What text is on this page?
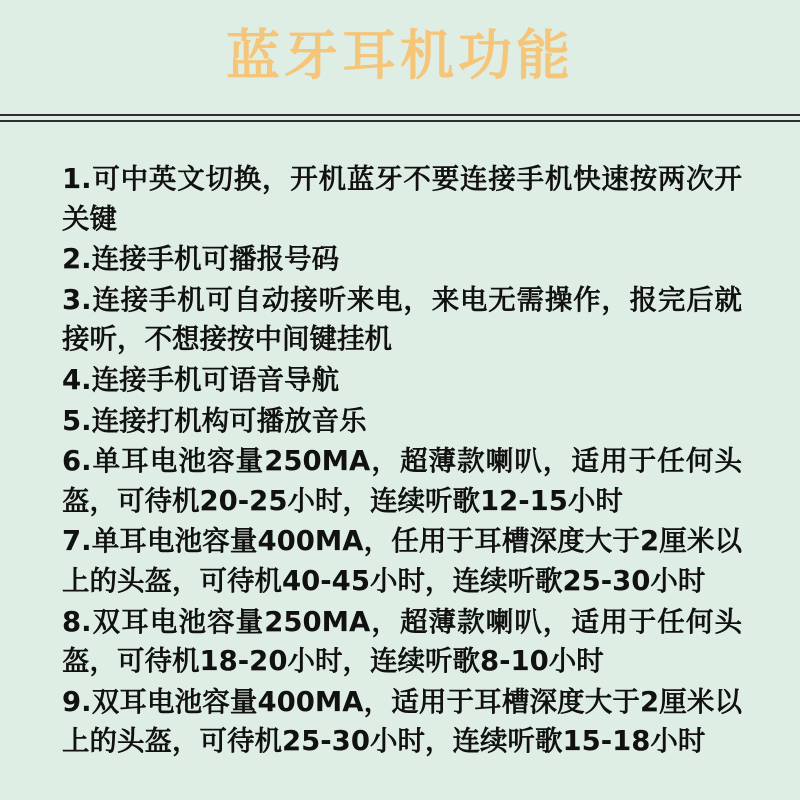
蓝牙耳机功能

1.可中英文切换，开机蓝牙不要连接手机快速按两次开关键

2.连接手机可播报号码

3.连接手机可自动接听来电，来电无需操作，报完后就接听，不想接按中间键挂机

4.连接手机可语音导航

5.连接打机构可播放音乐

6.单耳电池容量250MA，超薄款喇叭，适用于任何头盔，可待机20-25小时，连续听歌12-15小时

7.单耳电池容量400MA，任用于耳槽深度大于2厘米以上的头盔，可待机40-45小时，连续听歌25-30小时

8.双耳电池容量250MA，超薄款喇叭，适用于任何头盔，可待机18-20小时，连续听歌8-10小时

9.双耳电池容量400MA，适用于耳槽深度大于2厘米以上的头盔，可待机25-30小时，连续听歌15-18小时
